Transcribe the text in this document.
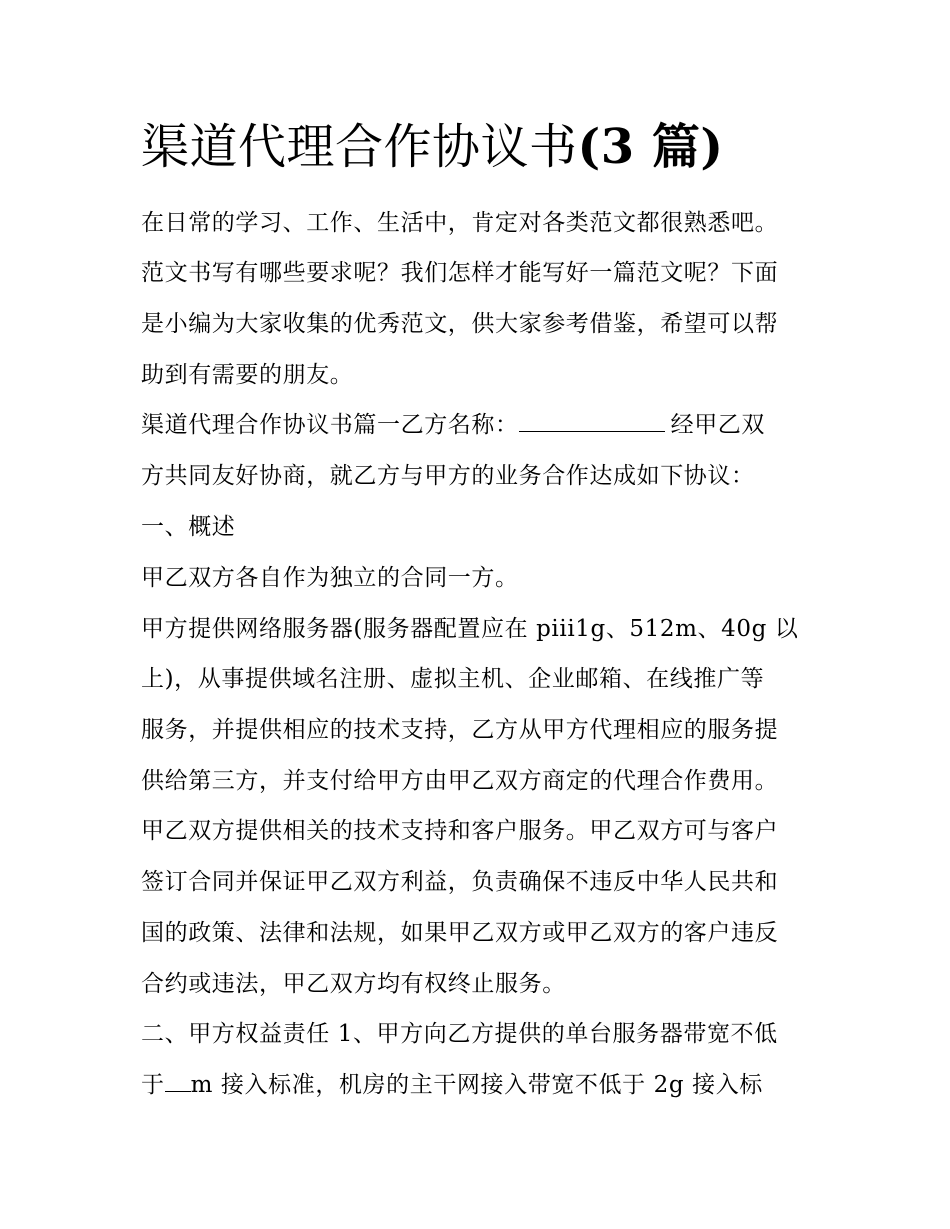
渠道代理合作协议书(3 篇)

在日常的学习、工作、生活中，肯定对各类范文都很熟悉吧。

范文书写有哪些要求呢？我们怎样才能写好一篇范文呢？下面

是小编为大家收集的优秀范文，供大家参考借鉴，希望可以帮

助到有需要的朋友。

渠道代理合作协议书篇一乙方名称：	经甲乙双

方共同友好协商，就乙方与甲方的业务合作达成如下协议：

一、概述

甲乙双方各自作为独立的合同一方。

甲方提供网络服务器(服务器配置应在 piii1g、512m、40g 以

上)，从事提供域名注册、虚拟主机、企业邮箱、在线推广等

服务，并提供相应的技术支持，乙方从甲方代理相应的服务提

供给第三方，并支付给甲方由甲乙双方商定的代理合作费用。

甲乙双方提供相关的技术支持和客户服务。甲乙双方可与客户

签订合同并保证甲乙双方利益，负责确保不违反中华人民共和

国的政策、法律和法规，如果甲乙双方或甲乙双方的客户违反

合约或违法，甲乙双方均有权终止服务。

二、甲方权益责任 1、甲方向乙方提供的单台服务器带宽不低

于 m 接入标准，机房的主干网接入带宽不低于 2g 接入标
